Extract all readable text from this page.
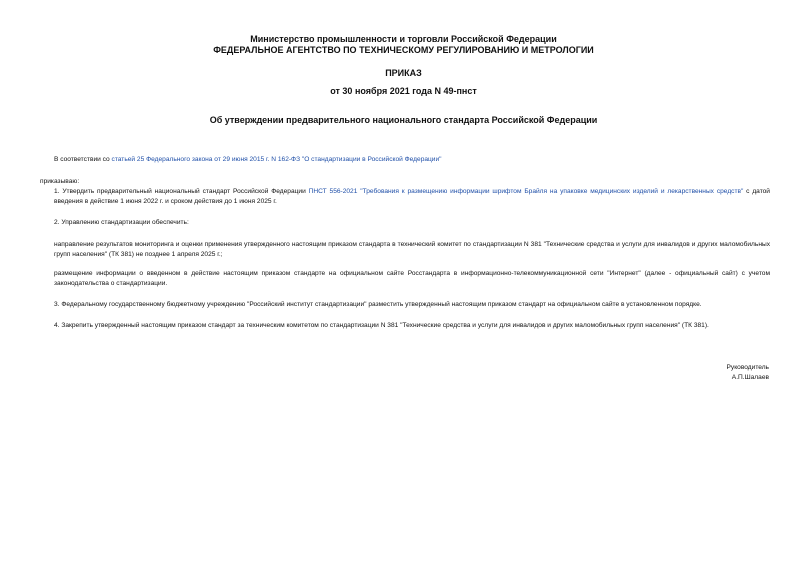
Министерство промышленности и торговли Российской Федерации
ФЕДЕРАЛЬНОЕ АГЕНТСТВО ПО ТЕХНИЧЕСКОМУ РЕГУЛИРОВАНИЮ И МЕТРОЛОГИИ
ПРИКАЗ
от 30 ноября 2021 года N 49-пнст
Об утверждении предварительного национального стандарта Российской Федерации
В соответствии со статьей 25 Федерального закона от 29 июня 2015 г. N 162-ФЗ "О стандартизации в Российской Федерации"
приказываю:
1. Утвердить предварительный национальный стандарт Российской Федерации ПНСТ 556-2021 "Требования к размещению информации шрифтом Брайля на упаковке медицинских изделий и лекарственных средств" с датой введения в действие 1 июня 2022 г. и сроком действия до 1 июня 2025 г.
2. Управлению стандартизации обеспечить:
направление результатов мониторинга и оценки применения утвержденного настоящим приказом стандарта в технический комитет по стандартизации N 381 "Технические средства и услуги для инвалидов и других маломобильных групп населения" (ТК 381) не позднее 1 апреля 2025 г.;
размещение информации о введенном в действие настоящим приказом стандарте на официальном сайте Росстандарта в информационно-телекоммуникационной сети "Интернет" (далее - официальный сайт) с учетом законодательства о стандартизации.
3. Федеральному государственному бюджетному учреждению "Российский институт стандартизации" разместить утвержденный настоящим приказом стандарт на официальном сайте в установленном порядке.
4. Закрепить утвержденный настоящим приказом стандарт за техническим комитетом по стандартизации N 381 "Технические средства и услуги для инвалидов и других маломобильных групп населения" (ТК 381).
Руководитель
А.П.Шалаев
